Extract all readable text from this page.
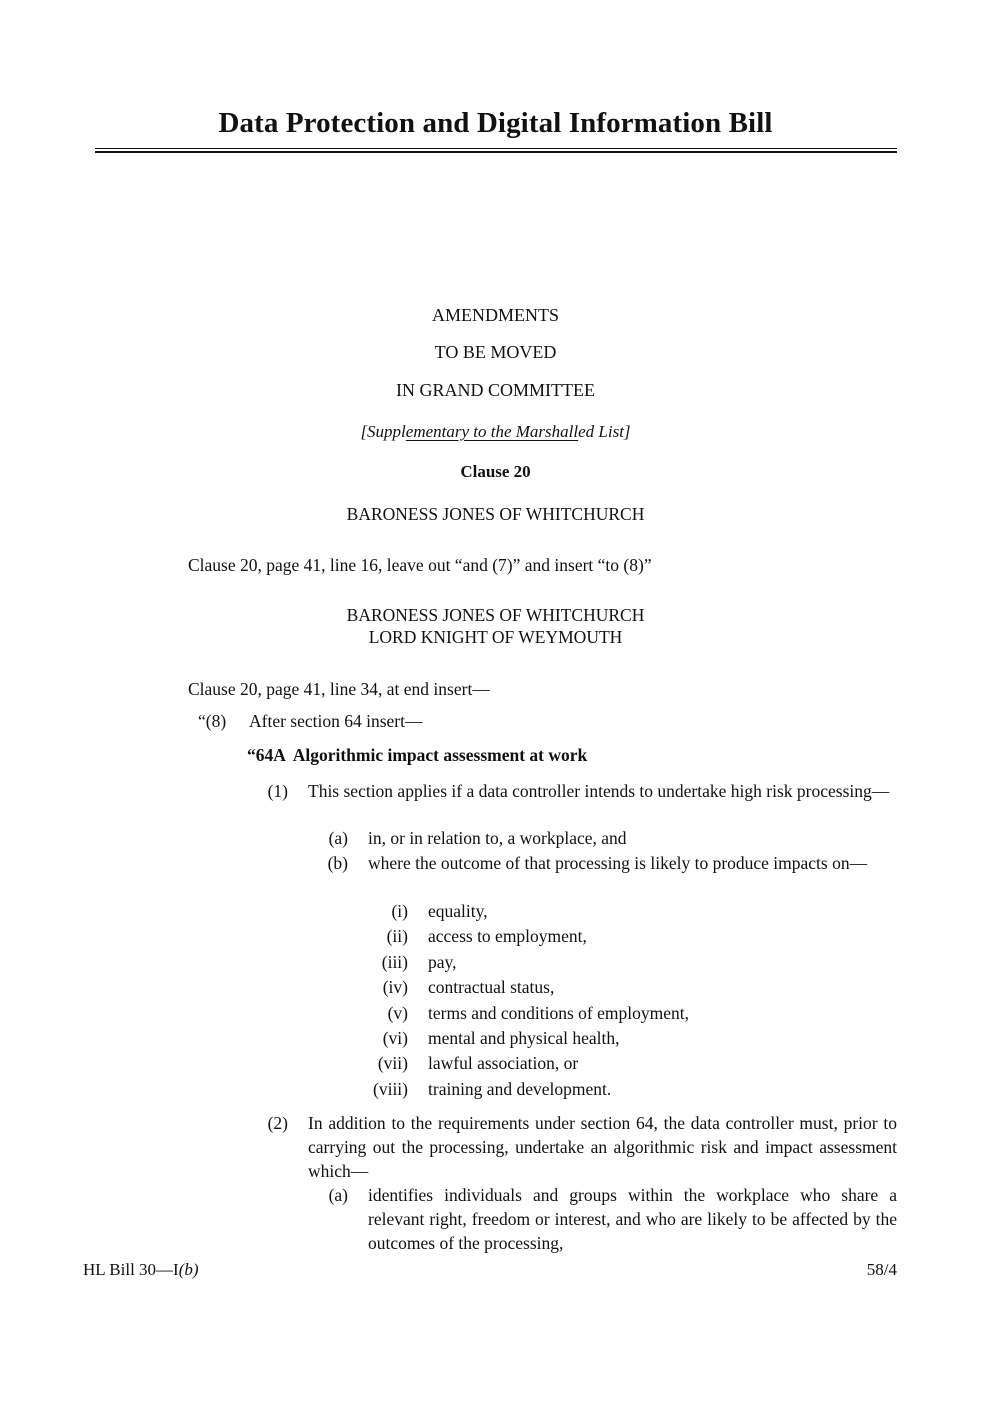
Data Protection and Digital Information Bill
AMENDMENTS
TO BE MOVED
IN GRAND COMMITTEE
[Supplementary to the Marshalled List]
Clause 20
BARONESS JONES OF WHITCHURCH
Clause 20, page 41, line 16, leave out “and (7)” and insert “to (8)”
BARONESS JONES OF WHITCHURCH
LORD KNIGHT OF WEYMOUTH
Clause 20, page 41, line 34, at end insert—
“(8) After section 64 insert—
“64A  Algorithmic impact assessment at work
(1) This section applies if a data controller intends to undertake high risk processing—
(a) in, or in relation to, a workplace, and
(b) where the outcome of that processing is likely to produce impacts on—
(i) equality,
(ii) access to employment,
(iii) pay,
(iv) contractual status,
(v) terms and conditions of employment,
(vi) mental and physical health,
(vii) lawful association, or
(viii) training and development.
(2) In addition to the requirements under section 64, the data controller must, prior to carrying out the processing, undertake an algorithmic risk and impact assessment which—
(a) identifies individuals and groups within the workplace who share a relevant right, freedom or interest, and who are likely to be affected by the outcomes of the processing,
HL Bill 30—I(b)	58/4
